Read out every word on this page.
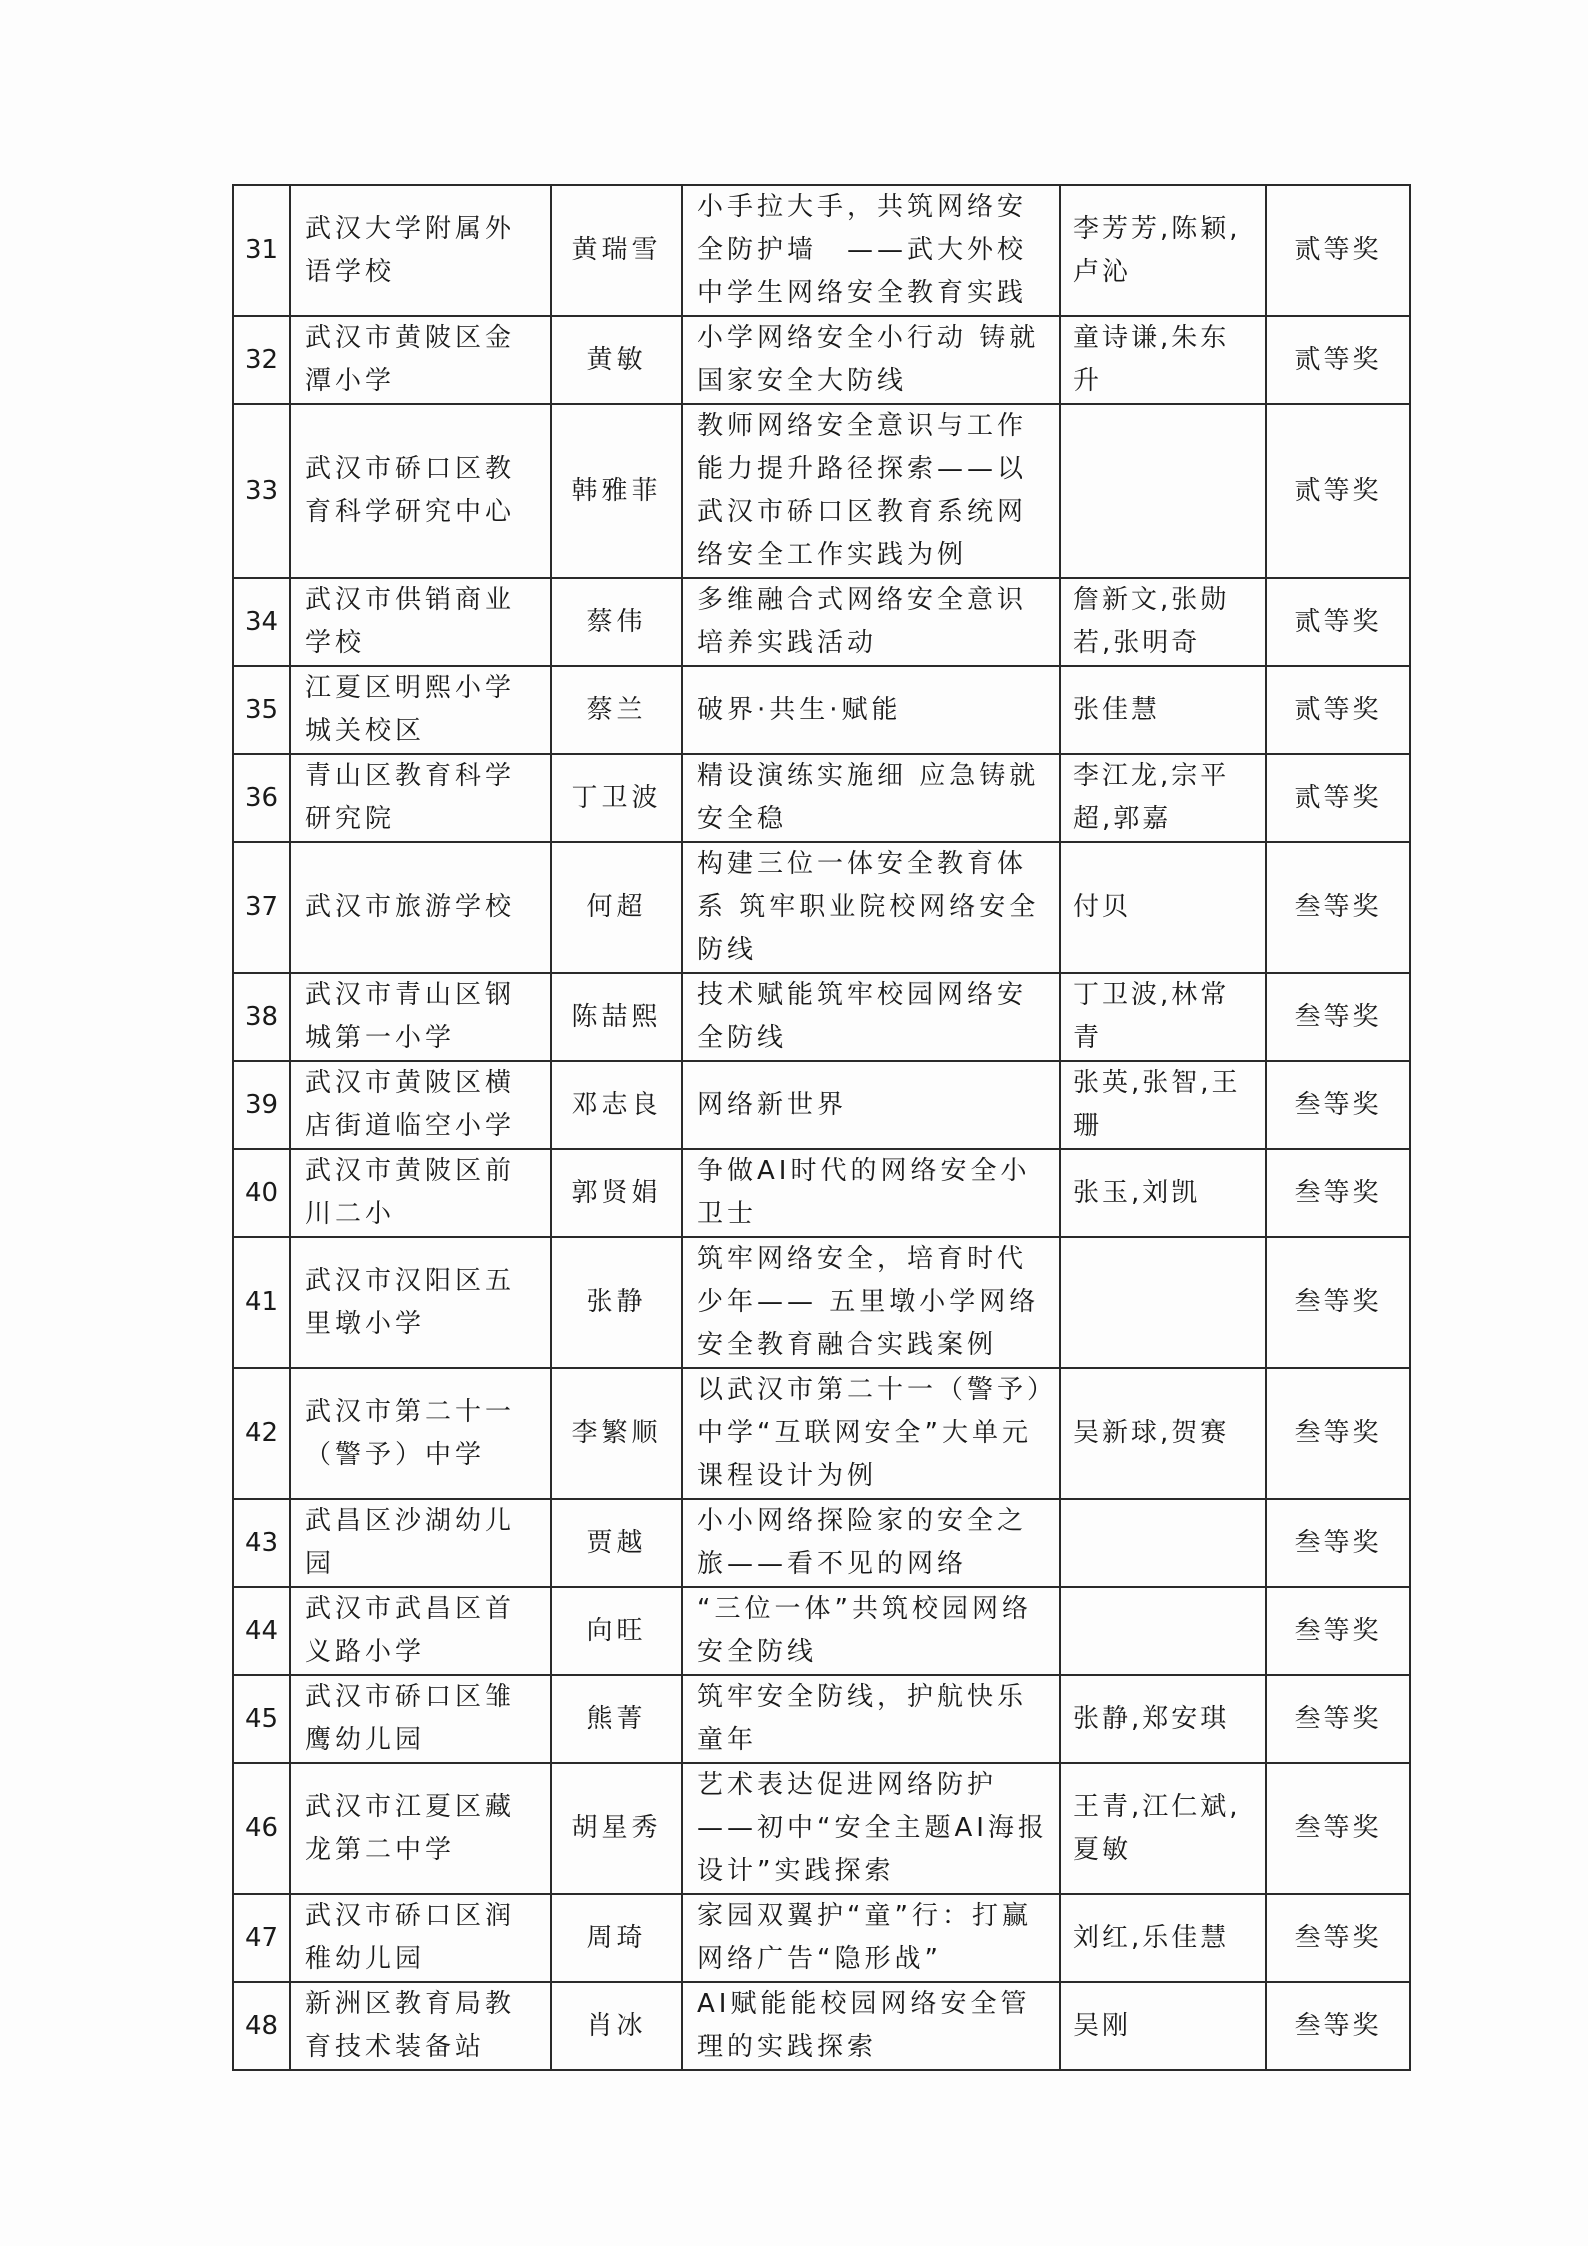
31	武汉大学附属外语学校	黄瑞雪	小手拉大手，共筑网络安全防护墙　——武大外校中学生网络安全教育实践	李芳芳,陈颖,卢沁	贰等奖
32	武汉市黄陂区金潭小学	黄敏	小学网络安全小行动 铸就国家安全大防线	童诗谦,朱东升	贰等奖
33	武汉市硚口区教育科学研究中心	韩雅菲	教师网络安全意识与工作能力提升路径探索——以武汉市硚口区教育系统网络安全工作实践为例		贰等奖
34	武汉市供销商业学校	蔡伟	多维融合式网络安全意识培养实践活动	詹新文,张勋若,张明奇	贰等奖
35	江夏区明熙小学城关校区	蔡兰	破界·共生·赋能	张佳慧	贰等奖
36	青山区教育科学研究院	丁卫波	精设演练实施细 应急铸就安全稳	李江龙,宗平超,郭嘉	贰等奖
37	武汉市旅游学校	何超	构建三位一体安全教育体系 筑牢职业院校网络安全防线	付贝	叁等奖
38	武汉市青山区钢城第一小学	陈喆熙	技术赋能筑牢校园网络安全防线	丁卫波,林常青	叁等奖
39	武汉市黄陂区横店街道临空小学	邓志良	网络新世界	张英,张智,王珊	叁等奖
40	武汉市黄陂区前川二小	郭贤娟	争做AI时代的网络安全小卫士	张玉,刘凯	叁等奖
41	武汉市汉阳区五里墩小学	张静	筑牢网络安全，培育时代少年—— 五里墩小学网络安全教育融合实践案例		叁等奖
42	武汉市第二十一（警予）中学	李繁顺	以武汉市第二十一（警予）中学“互联网安全”大单元课程设计为例	吴新球,贺赛	叁等奖
43	武昌区沙湖幼儿园	贾越	小小网络探险家的安全之旅——看不见的网络		叁等奖
44	武汉市武昌区首义路小学	向旺	“三位一体”共筑校园网络安全防线		叁等奖
45	武汉市硚口区雏鹰幼儿园	熊菁	筑牢安全防线，护航快乐童年	张静,郑安琪	叁等奖
46	武汉市江夏区藏龙第二中学	胡星秀	艺术表达促进网络防护——初中“安全主题AI海报设计”实践探索	王青,江仁斌,夏敏	叁等奖
47	武汉市硚口区润稚幼儿园	周琦	家园双翼护“童”行：打赢网络广告“隐形战”	刘红,乐佳慧	叁等奖
48	新洲区教育局教育技术装备站	肖冰	AI赋能能校园网络安全管理的实践探索	吴刚	叁等奖
